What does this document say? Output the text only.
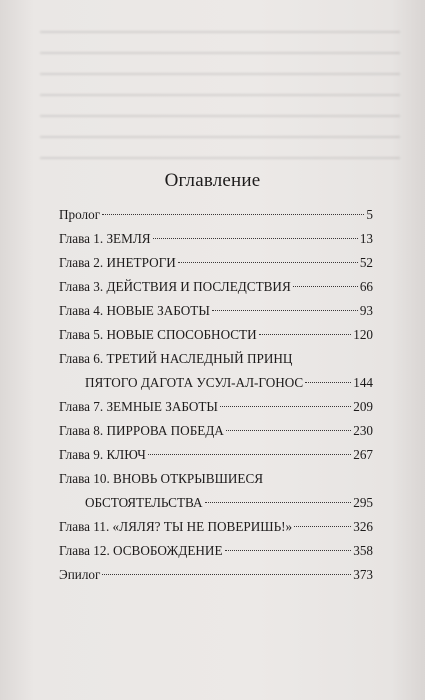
Оглавление
Пролог	5
Глава 1. ЗЕМЛЯ	13
Глава 2. ИНЕТРОГИ	52
Глава 3. ДЕЙСТВИЯ И ПОСЛЕДСТВИЯ	66
Глава 4. НОВЫЕ ЗАБОТЫ	93
Глава 5. НОВЫЕ СПОСОБНОСТИ	120
Глава 6. ТРЕТИЙ НАСЛЕДНЫЙ ПРИНЦ
ПЯТОГО ДАГОТА УСУЛ-АЛ-ГОНОС	144
Глава 7. ЗЕМНЫЕ ЗАБОТЫ	209
Глава 8. ПИРРОВА ПОБЕДА	230
Глава 9. КЛЮЧ	267
Глава 10. ВНОВЬ ОТКРЫВШИЕСЯ
ОБСТОЯТЕЛЬСТВА	295
Глава 11. «ЛЯЛЯ? ТЫ НЕ ПОВЕРИШЬ!»	326
Глава 12. ОСВОБОЖДЕНИЕ	358
Эпилог	373
